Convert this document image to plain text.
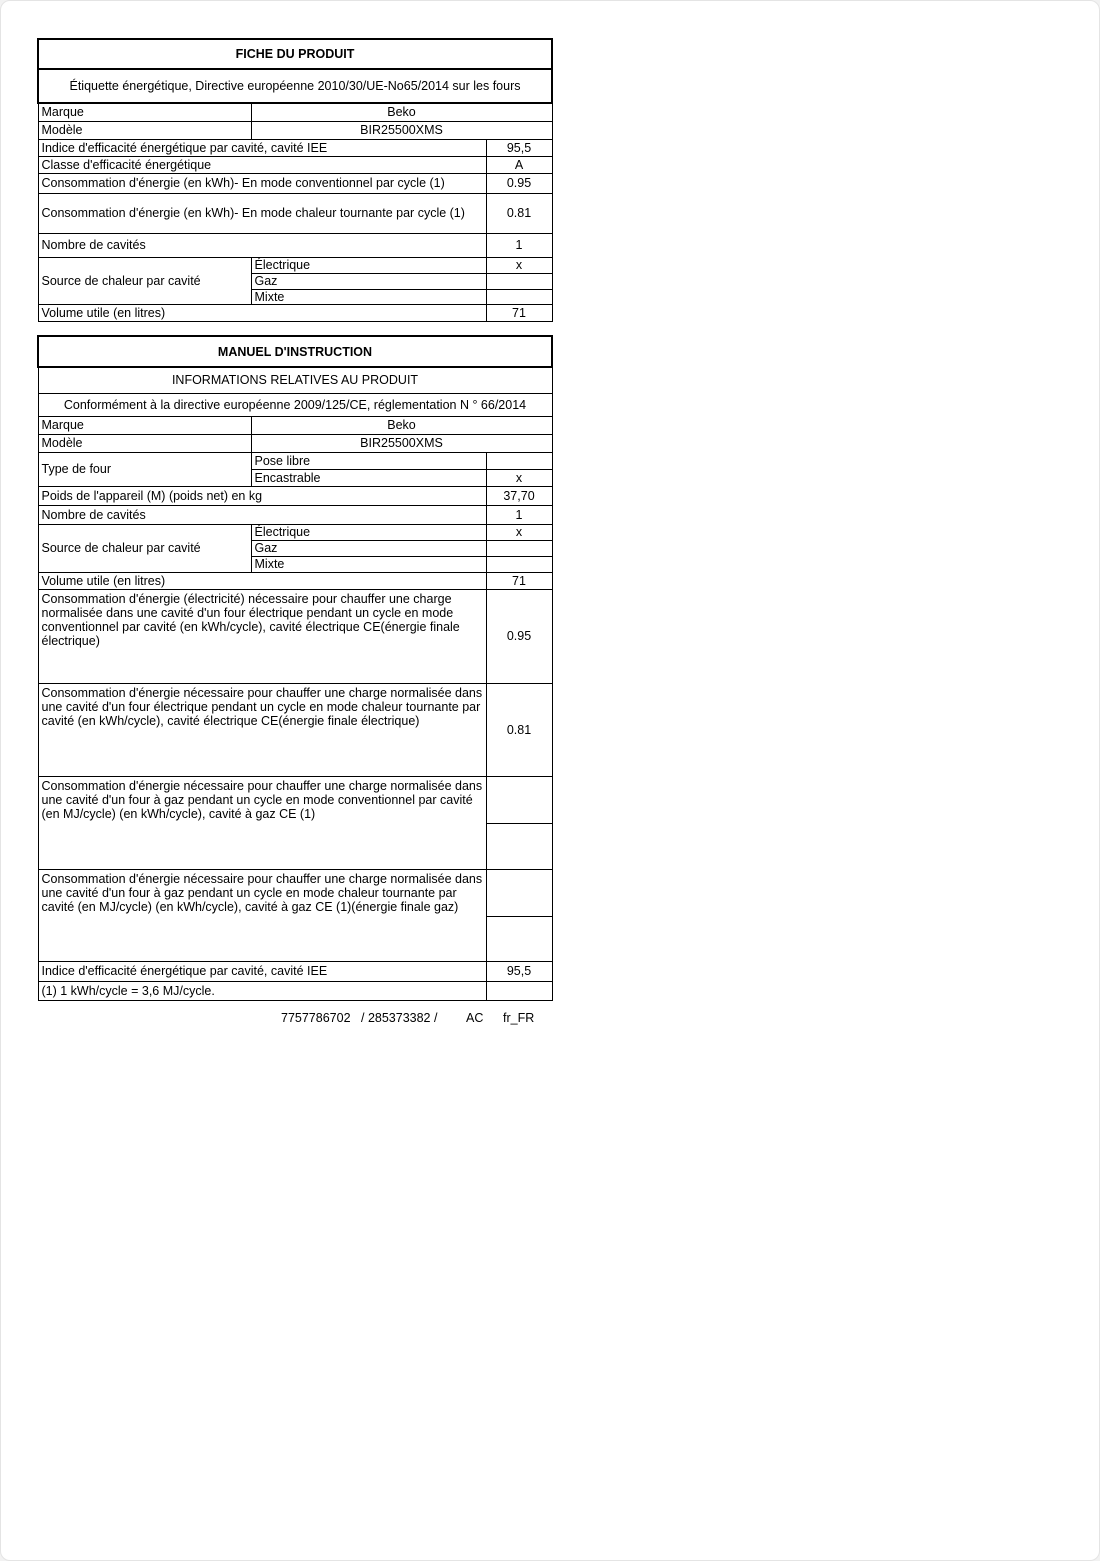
FICHE DU PRODUIT		
Étiquette énergétique, Directive européenne 2010/30/UE-No65/2014 sur les fours		
Marque	Beko	
Modèle	BIR25500XMS	
Indice d'efficacité énergétique par cavité, cavité IEE		95,5
Classe d'efficacité énergétique		A
Consommation d'énergie (en kWh)- En mode conventionnel par cycle (1)		0.95
Consommation d'énergie (en kWh)- En mode chaleur tournante par cycle (1)		0.81
Nombre de cavités		1
Source de chaleur par cavité	Électrique	x
	Gaz	
	Mixte	
Volume utile (en litres)		71
MANUEL D'INSTRUCTION		
INFORMATIONS RELATIVES AU PRODUIT		
Conformément à la directive européenne 2009/125/CE, réglementation N ° 66/2014		
Marque	Beko	
Modèle	BIR25500XMS	
Type de four	Pose libre	
	Encastrable	x
Poids de l'appareil (M) (poids net) en kg		37,70
Nombre de cavités		1
Source de chaleur par cavité	Électrique	x
	Gaz	
	Mixte	
Volume utile (en litres)		71
Consommation d'énergie (électricité) nécessaire pour chauffer une charge normalisée dans une cavité d'un four électrique pendant un cycle en mode conventionnel par cavité (en kWh/cycle), cavité électrique CE(énergie finale électrique)		0.95
Consommation d'énergie nécessaire pour chauffer une charge normalisée dans une cavité d'un four électrique pendant un cycle en mode chaleur tournante par cavité (en kWh/cycle), cavité électrique CE(énergie finale électrique)		0.81
Consommation d'énergie nécessaire pour chauffer une charge normalisée dans une cavité d'un four à gaz pendant un cycle en mode conventionnel par cavité (en MJ/cycle) (en kWh/cycle), cavité à gaz CE (1)		

Consommation d'énergie nécessaire pour chauffer une charge normalisée dans une cavité d'un four à gaz pendant un cycle en mode chaleur tournante par cavité (en MJ/cycle) (en kWh/cycle), cavité à gaz CE (1)(énergie finale gaz)		

Indice d'efficacité énergétique par cavité, cavité IEE		95,5
(1) 1 kWh/cycle = 3,6 MJ/cycle.		
7757786702 / 285373382 / AC fr_FR
